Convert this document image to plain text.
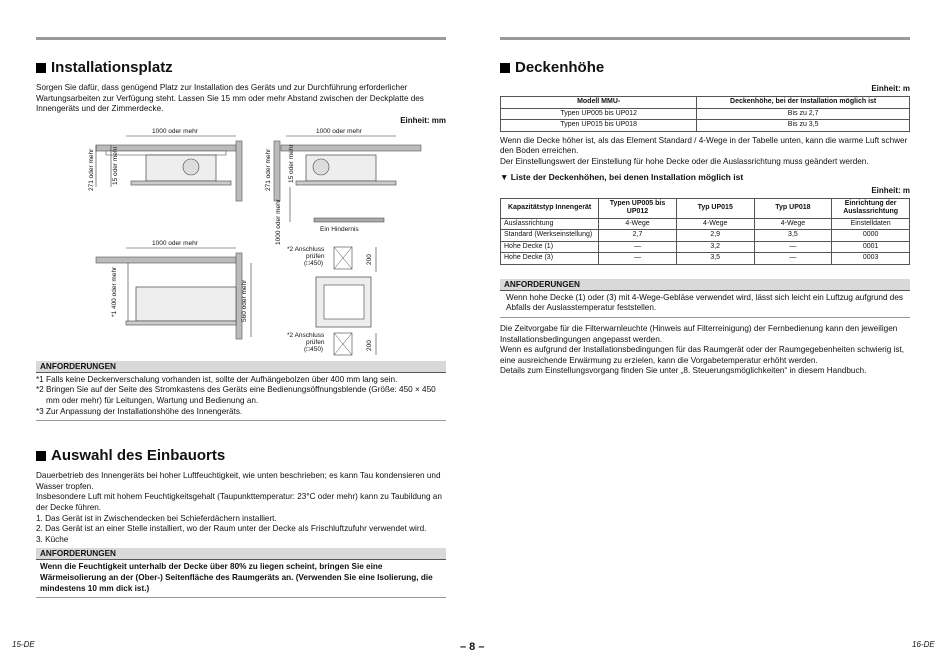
Installationsplatz

Sorgen Sie dafür, dass genügend Platz zur Installation des Geräts und zur Durchführung erforderlicher Wartungsarbeiten zur Verfügung steht. Lassen Sie 15 mm oder mehr Abstand zwischen der Deckplatte des Innengeräts und der Zimmerdecke.

Einheit: mm
1000 oder mehr
271 oder mehr	15 oder mehr
1000 oder mehr
271 oder mehr 15 oder mehr
1000 oder mehr	Ein Hindernis
1000 oder mehr
*1 400 oder mehr	560 oder mehr
*2 Anschluss
prüfen
(□450)
*2 Anschluss
prüfen
(□450)
200
200
ANFORDERUNGEN

*1 Falls keine Deckenverschalung vorhanden ist, sollte der Aufhängebolzen über 400 mm lang sein.

*2 Bringen Sie auf der Seite des Stromkastens des Geräts eine Bedienungsöffnungsblende (Größe: 450 × 450 mm oder mehr) für Leitungen, Wartung und Bedienung an.

*3 Zur Anpassung der Installationshöhe des Innengeräts.

Auswahl des Einbauorts

Dauerbetrieb des Innengeräts bei hoher Luftfeuchtigkeit, wie unten beschrieben; es kann Tau kondensieren und Wasser tropfen.

Insbesondere Luft mit hohem Feuchtigkeitsgehalt (Taupunkttemperatur: 23°C oder mehr) kann zu Taubildung an der Decke führen.

1. Das Gerät ist in Zwischendecken bei Schieferdächern installiert.

2. Das Gerät ist an einer Stelle installiert, wo der Raum unter der Decke als Frischluftzufuhr verwendet wird.

3. Küche

ANFORDERUNGEN

Wenn die Feuchtigkeit unterhalb der Decke über 80% zu liegen scheint, bringen Sie eine Wärmeisolierung an der (Ober-) Seitenfläche des Raumgeräts an. (Verwenden Sie eine Isolierung, die mindestens 10 mm dick ist.)

Deckenhöhe
Einheit: m
Modell MMU-	Deckenhöhe, bei der Installation möglich ist
Typen UP005 bis UP012	Bis zu 2,7
Typen UP015 bis UP018	Bis zu 3,5

Wenn die Decke höher ist, als das Element Standard / 4-Wege in der Tabelle unten, kann die warme Luft schwer den Boden erreichen.

Der Einstellungswert der Einstellung für hohe Decke oder die Auslassrichtung muss geändert werden.

▼ Liste der Deckenhöhen, bei denen Installation möglich ist

Einheit: m
Kapazitätstyp Innengerät	Typen UP005 bis UP012	Typ UP015	Typ UP018	Einrichtung der Auslassrichtung
Auslassrichtung	4-Wege	4-Wege	4-Wege	Einstelldaten
Standard (Werkseinstellung)	2,7	2,9	3,5	0000
Hohe Decke (1)	—	3,2	—	0001
Hohe Decke (3)	—	3,5	—	0003
ANFORDERUNGEN

Wenn hohe Decke (1) oder (3) mit 4-Wege-Gebläse verwendet wird, lässt sich leicht ein Luftzug aufgrund des Abfalls der Auslasstemperatur feststellen.

Die Zeitvorgabe für die Filterwarnleuchte (Hinweis auf Filterreinigung) der Fernbedienung kann den jeweiligen Installationsbedingungen angepasst werden.

Wenn es aufgrund der Installationsbedingungen für das Raumgerät oder der Raumgegebenheiten schwierig ist, eine ausreichende Erwärmung zu erzielen, kann die Vorgabetemperatur erhöht werden.

Details zum Einstellungsvorgang finden Sie unter „8. Steuerungsmöglichkeiten“ in diesem Handbuch.

15-DE	– 8 –	16-DE
